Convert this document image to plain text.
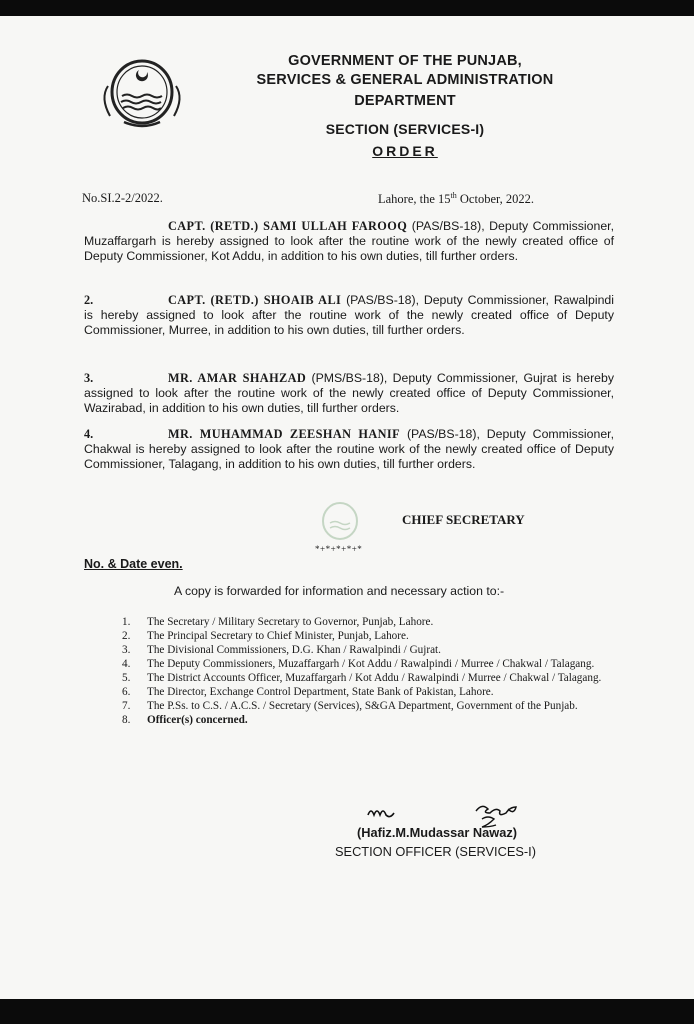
GOVERNMENT OF THE PUNJAB,
SERVICES & GENERAL ADMINISTRATION
DEPARTMENT
SECTION (SERVICES-I)
ORDER
No.SI.2-2/2022.	Lahore, the 15th October, 2022.
CAPT. (RETD.) SAMI ULLAH FAROOQ (PAS/BS-18), Deputy Commissioner, Muzaffargarh is hereby assigned to look after the routine work of the newly created office of Deputy Commissioner, Kot Addu, in addition to his own duties, till further orders.
2.	CAPT. (RETD.) SHOAIB ALI (PAS/BS-18), Deputy Commissioner, Rawalpindi is hereby assigned to look after the routine work of the newly created office of Deputy Commissioner, Murree, in addition to his own duties, till further orders.
3.	MR. AMAR SHAHZAD (PMS/BS-18), Deputy Commissioner, Gujrat is hereby assigned to look after the routine work of the newly created office of Deputy Commissioner, Wazirabad, in addition to his own duties, till further orders.
4.	MR. MUHAMMAD ZEESHAN HANIF (PAS/BS-18), Deputy Commissioner, Chakwal is hereby assigned to look after the routine work of the newly created office of Deputy Commissioner, Talagang, in addition to his own duties, till further orders.
CHIEF SECRETARY
*+*+*+*+*
No. & Date even.
A copy is forwarded for information and necessary action to:-
1.	The Secretary / Military Secretary to Governor, Punjab, Lahore.
2.	The Principal Secretary to Chief Minister, Punjab, Lahore.
3.	The Divisional Commissioners, D.G. Khan / Rawalpindi / Gujrat.
4.	The Deputy Commissioners, Muzaffargarh / Kot Addu / Rawalpindi / Murree / Chakwal / Talagang.
5.	The District Accounts Officer, Muzaffargarh / Kot Addu / Rawalpindi / Murree / Chakwal / Talagang.
6.	The Director, Exchange Control Department, State Bank of Pakistan, Lahore.
7.	The P.Ss. to C.S. / A.C.S. / Secretary (Services), S&GA Department, Government of the Punjab.
8.	Officer(s) concerned.
(Hafiz.M.Mudassar Nawaz)
SECTION OFFICER (SERVICES-I)
